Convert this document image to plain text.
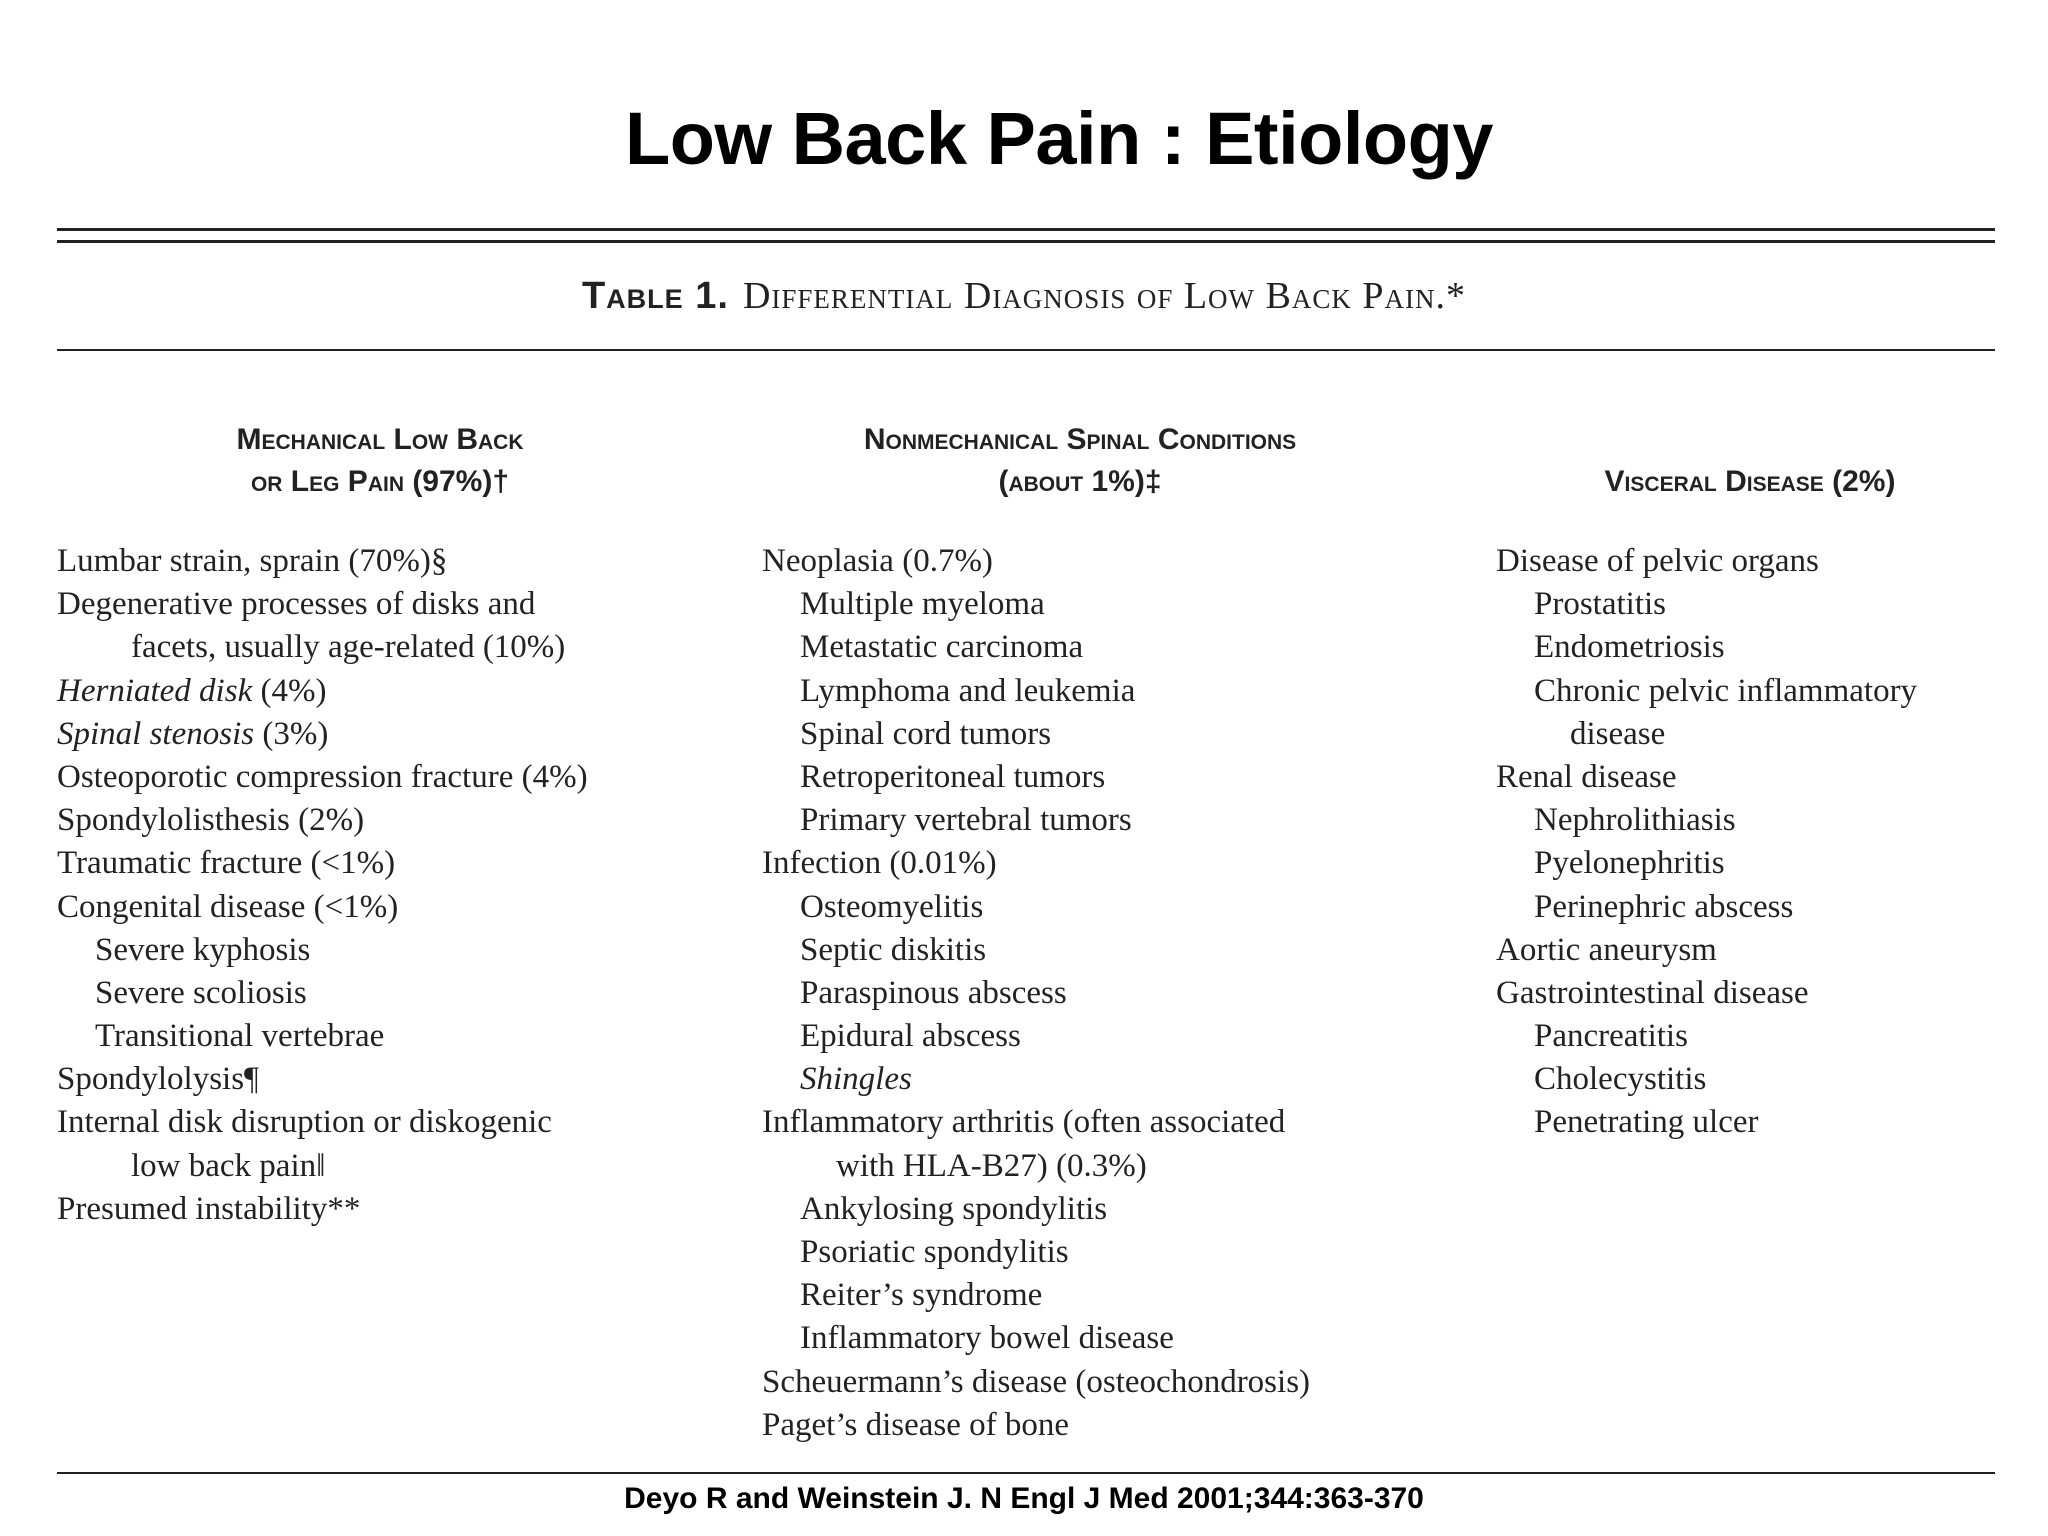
Low Back Pain : Etiology
Table 1. Differential Diagnosis of Low Back Pain.*
Mechanical Low Back
or Leg Pain (97%)†
Nonmechanical Spinal Conditions
(about 1%)‡	Visceral Disease (2%)
Lumbar strain, sprain (70%)§
Degenerative processes of disks and
facets, usually age-related (10%)
Herniated disk (4%)
Spinal stenosis (3%)
Osteoporotic compression fracture (4%)
Spondylolisthesis (2%)
Traumatic fracture (<1%)
Congenital disease (<1%)
Severe kyphosis
Severe scoliosis
Transitional vertebrae
Spondylolysis¶
Internal disk disruption or diskogenic
low back pain‖
Presumed instability**
Neoplasia (0.7%)
Multiple myeloma
Metastatic carcinoma
Lymphoma and leukemia
Spinal cord tumors
Retroperitoneal tumors
Primary vertebral tumors
Infection (0.01%)
Osteomyelitis
Septic diskitis
Paraspinous abscess
Epidural abscess
Shingles
Inflammatory arthritis (often associated
with HLA-B27) (0.3%)
Ankylosing spondylitis
Psoriatic spondylitis
Reiter’s syndrome
Inflammatory bowel disease
Scheuermann’s disease (osteochondrosis)
Paget’s disease of bone
Disease of pelvic organs
Prostatitis
Endometriosis
Chronic pelvic inflammatory
disease
Renal disease
Nephrolithiasis
Pyelonephritis
Perinephric abscess
Aortic aneurysm
Gastrointestinal disease
Pancreatitis
Cholecystitis
Penetrating ulcer
Deyo R and Weinstein J. N Engl J Med 2001;344:363-370
